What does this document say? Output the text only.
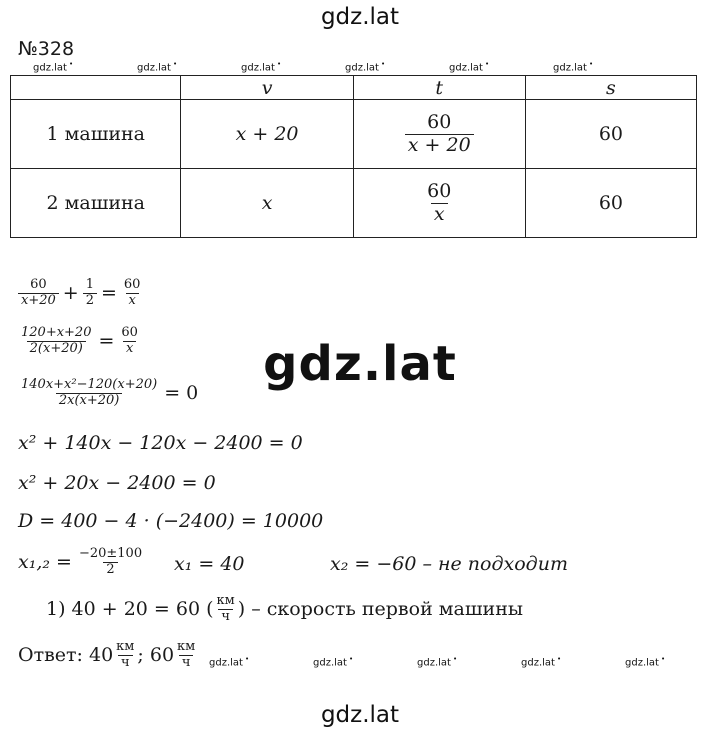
gdz.lat
gdz.lat
gdz.lat
gdz.lat •	gdz.lat •	gdz.lat •	gdz.lat •	gdz.lat •	gdz.lat •
gdz.lat •	gdz.lat •	gdz.lat •	gdz.lat •	gdz.lat •
№328
	v	t	s
1 машина	x + 20	$\frac{60}{x + 20}$	60
2 машина	x	$\frac{60}{x}$	60
$\frac{60}{x+20} + \frac{1}{2} = \frac{60}{x}$
$\frac{120+x+20}{2(x+20)} = \frac{60}{x}$
$\frac{\text{140x+x²−120(x+20)}}{2x(x+20)} = 0$
x² + 140x − 120x − 2400 = 0
x² + 20x − 2400 = 0
D = 400 − 4 · (−2400) = 10000
$x_1,_2 = \frac{-20\pm 100}{2} x_1 = 40$	x₂ = −60 – не подходит
1) 40 + 20 = 60 ( $\frac{км}{ч}$ ) – скорость первой машины
Ответ: $40 \frac{км}{ч}$ ; $60 \frac{км}{ч}$
